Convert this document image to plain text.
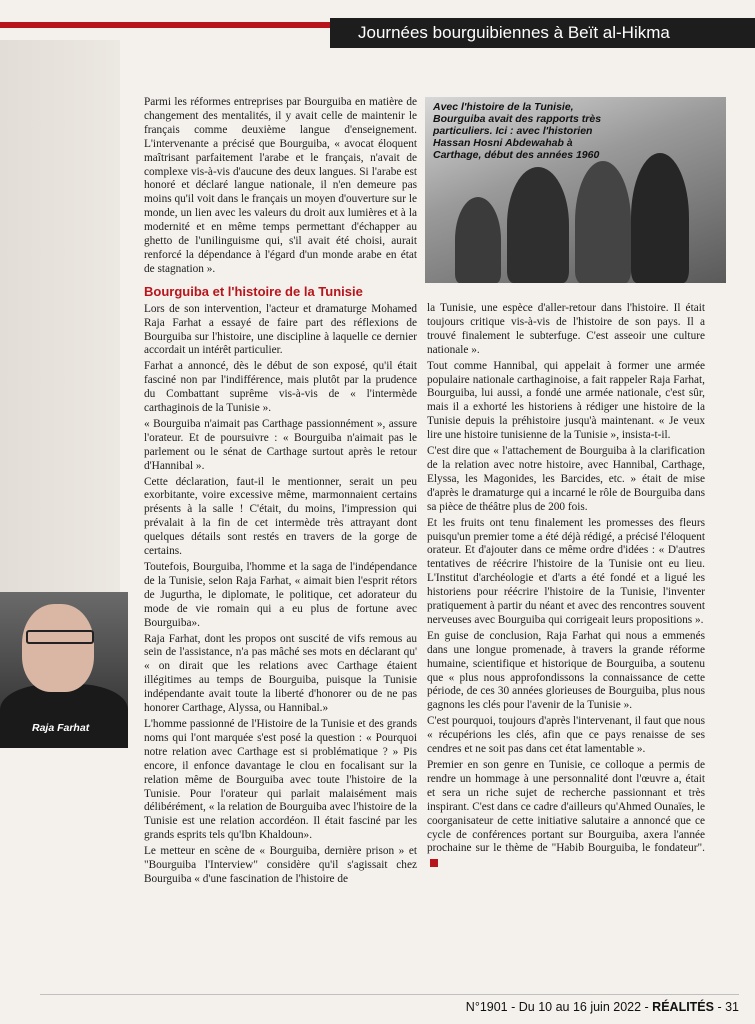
Journées bourguibiennes à Beït al-Hikma

Parmi les réformes entreprises par Bourguiba en matière de changement des mentalités, il y avait celle de maintenir le français comme deuxième langue d'enseignement. L'intervenante a précisé que Bourguiba, « avocat éloquent maîtrisant parfaitement l'arabe et le français, n'avait de complexe vis-à-vis d'aucune des deux langues. Si l'arabe est honoré et déclaré langue nationale, il n'en demeure pas moins qu'il voit dans le français un moyen d'ouverture sur le monde, un lien avec les valeurs du droit aux lumières et à la modernité et en même temps permettant d'échapper au ghetto de l'unilinguisme qui, s'il avait été choisi, aurait renforcé la dépendance à l'égard d'un monde arabe en état de stagnation ».

Bourguiba et l'histoire de la Tunisie

Lors de son intervention, l'acteur et dramaturge Mohamed Raja Farhat a essayé de faire part des réflexions de Bourguiba sur l'histoire, une discipline à laquelle ce dernier accordait un intérêt particulier.

Farhat a annoncé, dès le début de son exposé, qu'il était fasciné non par l'indifférence, mais plutôt par la prudence du Combattant suprême vis-à-vis de « l'intermède carthaginois de la Tunisie ».

« Bourguiba n'aimait pas Carthage passionnément », assure l'orateur. Et de poursuivre : « Bourguiba n'aimait pas le parlement ou le sénat de Carthage surtout après le retour d'Hannibal ».

Cette déclaration, faut-il le mentionner, serait un peu exorbitante, voire excessive même, marmonnaient certains présents à la salle ! C'était, du moins, l'impression qui prévalait à la fin de cet intermède très attrayant dont quelques détails sont restés en travers de la gorge de certains.

Toutefois, Bourguiba, l'homme et la saga de l'indépendance de la Tunisie, selon Raja Farhat, « aimait bien l'esprit rétors de Jugurtha, le diplomate, le politique, cet adorateur du mode de vie romain qui a eu plus de fortune avec Bourguiba».

Raja Farhat, dont les propos ont suscité de vifs remous au sein de l'assistance, n'a pas mâché ses mots en déclarant qu' « on dirait que les relations avec Carthage étaient illégitimes au temps de Bourguiba, puisque la Tunisie indépendante avait toute la liberté d'honorer ou de ne pas honorer Carthage, Alyssa, ou Hannibal.»

L'homme passionné de l'Histoire de la Tunisie et des grands noms qui l'ont marquée s'est posé la question : « Pourquoi notre relation avec Carthage est si problématique ? » Pis encore, il enfonce davantage le clou en focalisant sur la relation même de Bourguiba avec toute l'histoire de la Tunisie. Pour l'orateur qui parlait malaisément mais délibérément, « la relation de Bourguiba avec l'histoire de la Tunisie est une relation accordéon. Il était fasciné par les grands esprits tels qu'Ibn Khaldoun».

Le metteur en scène de « Bourguiba, dernière prison » et "Bourguiba l'Interview" considère qu'il s'agissait chez Bourguiba « d'une fascination de l'histoire de

Avec l'histoire de la Tunisie, Bourguiba avait des rapports très particuliers. Ici : avec l'historien Hassan Hosni Abdewahab à Carthage, début des années 1960
Raja Farhat

la Tunisie, une espèce d'aller-retour dans l'histoire. Il était toujours critique vis-à-vis de l'histoire de son pays. Il a trouvé finalement le subterfuge. C'est asseoir une culture nationale ».

Tout comme Hannibal, qui appelait à former une armée populaire nationale carthaginoise, a fait rappeler Raja Farhat, Bourguiba, lui aussi, a fondé une armée nationale, c'est sûr, mais il a exhorté les historiens à rédiger une histoire de la Tunisie depuis la préhistoire jusqu'à maintenant. « Je veux lire une histoire tunisienne de la Tunisie », insista-t-il.

C'est dire que « l'attachement de Bourguiba à la clarification de la relation avec notre histoire, avec Hannibal, Carthage, Elyssa, les Magonides, les Barcides, etc. » était de mise d'après le dramaturge qui a incarné le rôle de Bourguiba dans sa pièce de théâtre plus de 200 fois.

Et les fruits ont tenu finalement les promesses des fleurs puisqu'un premier tome a été déjà rédigé, a précisé l'éloquent orateur. Et d'ajouter dans ce même ordre d'idées : « D'autres tentatives de réécrire l'histoire de la Tunisie ont eu lieu. L'Institut d'archéologie et d'arts a été fondé et a ligué les historiens pour réécrire l'histoire de la Tunisie, l'inventer pratiquement à partir du néant et avec des rencontres souvent nerveuses avec Bourguiba qui corrigeait leurs propositions ».

En guise de conclusion, Raja Farhat qui nous a emmenés dans une longue promenade, à travers la grande réforme humaine, scientifique et historique de Bourguiba, a soutenu que « plus nous approfondissons la connaissance de cette période, de ces 30 années glorieuses de Bourguiba, plus nous gagnons les clés pour l'avenir de la Tunisie ».

C'est pourquoi, toujours d'après l'intervenant, il faut que nous « récupérions les clés, afin que ce pays renaisse de ses cendres et ne soit pas dans cet état lamentable ».

Premier en son genre en Tunisie, ce colloque a permis de rendre un hommage à une personnalité dont l'œuvre a, était et sera un riche sujet de recherche passionnant et très inspirant. C'est dans ce cadre d'ailleurs qu'Ahmed Ounaïes, le coorganisateur de cette initiative salutaire a annoncé que ce cycle de conférences portant sur Bourguiba, axera l'année prochaine sur le thème de "Habib Bourguiba, le fondateur".

N°1901 - Du 10 au 16 juin 2022 - RÉALITÉS - 31
